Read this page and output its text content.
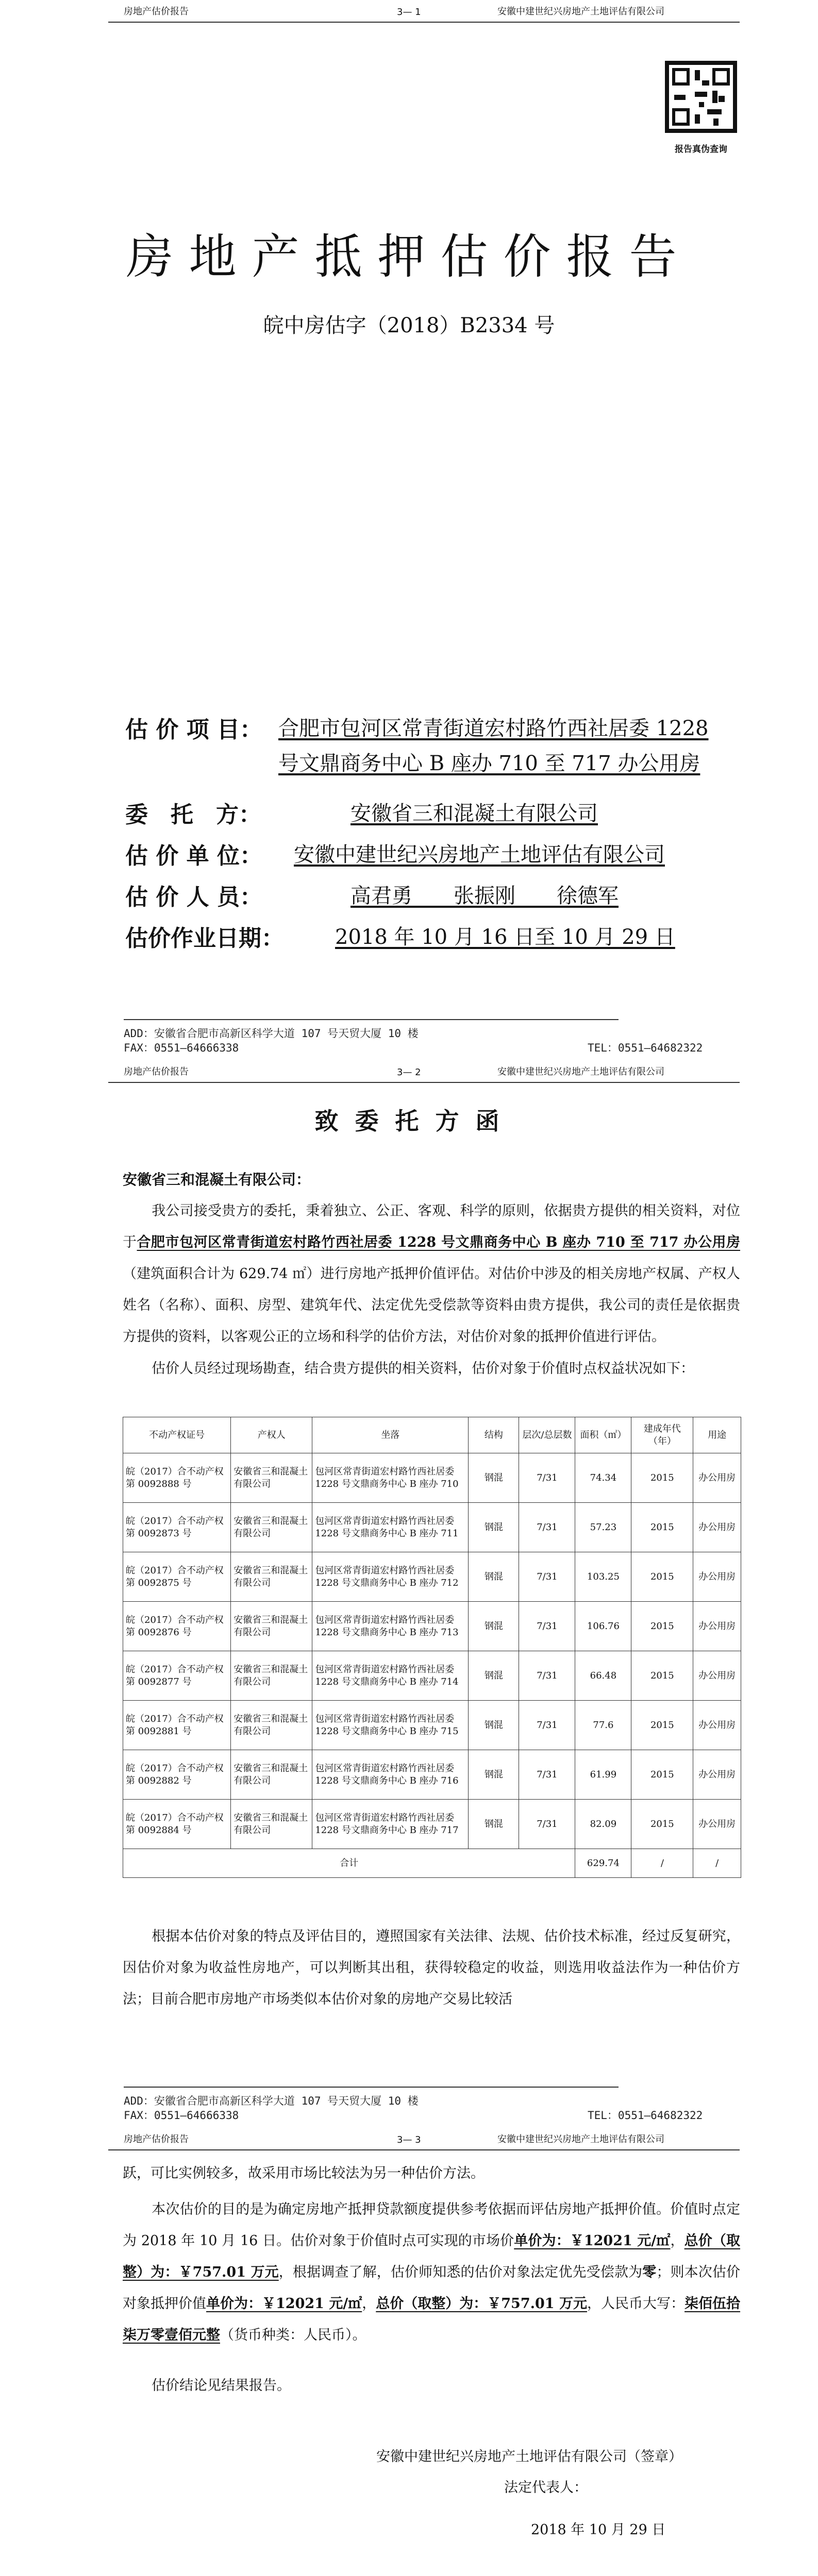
房地产估价报告	3— 1	安徽中建世纪兴房地产土地评估有限公司
报告真伪查询
房地产抵押估价报告
皖中房估字（2018）B2334 号
估 价 项 目： 合肥市包河区常青街道宏村路竹西社居委 1228
号文鼎商务中心 B 座办 710 至 717 办公用房
委　托　方：	安徽省三和混凝土有限公司
估 价 单 位： 安徽中建世纪兴房地产土地评估有限公司
估 价 人 员：	高君勇　　张振刚　　徐德军
估价作业日期： 2018 年 10 月 16 日至 10 月 29 日
ADD：安徽省合肥市高新区科学大道 107 号天贸大厦 10 楼
FAX：0551—64666338	TEL：0551—64682322
房地产估价报告	3— 2	安徽中建世纪兴房地产土地评估有限公司
致 委 托 方 函
安徽省三和混凝土有限公司：
我公司接受贵方的委托，秉着独立、公正、客观、科学的原则，依据贵方提供的相关资料，对位于合肥市包河区常青街道宏村路竹西社居委 1228 号文鼎商务中心 B 座办 710 至 717 办公用房（建筑面积合计为 629.74 ㎡）进行房地产抵押价值评估。对估价中涉及的相关房地产权属、产权人姓名（名称）、面积、房型、建筑年代、法定优先受偿款等资料由贵方提供，我公司的责任是依据贵方提供的资料，以客观公正的立场和科学的估价方法，对估价对象的抵押价值进行评估。
估价人员经过现场勘查，结合贵方提供的相关资料，估价对象于价值时点权益状况如下：
不动产权证号	产权人	坐落	结构	层次/总层数	面积（㎡）	建成年代（年）	用途
皖（2017）合不动产权第 0092888 号	安徽省三和混凝土有限公司	包河区常青街道宏村路竹西社居委 1228 号文鼎商务中心 B 座办 710	钢混	7/31	74.34	2015	办公用房
皖（2017）合不动产权第 0092873 号	安徽省三和混凝土有限公司	包河区常青街道宏村路竹西社居委 1228 号文鼎商务中心 B 座办 711	钢混	7/31	57.23	2015	办公用房
皖（2017）合不动产权第 0092875 号	安徽省三和混凝土有限公司	包河区常青街道宏村路竹西社居委 1228 号文鼎商务中心 B 座办 712	钢混	7/31	103.25	2015	办公用房
皖（2017）合不动产权第 0092876 号	安徽省三和混凝土有限公司	包河区常青街道宏村路竹西社居委 1228 号文鼎商务中心 B 座办 713	钢混	7/31	106.76	2015	办公用房
皖（2017）合不动产权第 0092877 号	安徽省三和混凝土有限公司	包河区常青街道宏村路竹西社居委 1228 号文鼎商务中心 B 座办 714	钢混	7/31	66.48	2015	办公用房
皖（2017）合不动产权第 0092881 号	安徽省三和混凝土有限公司	包河区常青街道宏村路竹西社居委 1228 号文鼎商务中心 B 座办 715	钢混	7/31	77.6	2015	办公用房
皖（2017）合不动产权第 0092882 号	安徽省三和混凝土有限公司	包河区常青街道宏村路竹西社居委 1228 号文鼎商务中心 B 座办 716	钢混	7/31	61.99	2015	办公用房
皖（2017）合不动产权第 0092884 号	安徽省三和混凝土有限公司	包河区常青街道宏村路竹西社居委 1228 号文鼎商务中心 B 座办 717	钢混	7/31	82.09	2015	办公用房
合计					629.74	/	/
根据本估价对象的特点及评估目的，遵照国家有关法律、法规、估价技术标准，经过反复研究，因估价对象为收益性房地产，可以判断其出租，获得较稳定的收益，则选用收益法作为一种估价方法；目前合肥市房地产市场类似本估价对象的房地产交易比较活
ADD：安徽省合肥市高新区科学大道 107 号天贸大厦 10 楼
FAX：0551—64666338	TEL：0551—64682322
房地产估价报告	3— 3	安徽中建世纪兴房地产土地评估有限公司
跃，可比实例较多，故采用市场比较法为另一种估价方法。
本次估价的目的是为确定房地产抵押贷款额度提供参考依据而评估房地产抵押价值。价值时点定为 2018 年 10 月 16 日。估价对象于价值时点可实现的市场价单价为：￥12021 元/㎡，总价（取整）为：￥757.01 万元，根据调查了解，估价师知悉的估价对象法定优先受偿款为零；则本次估价对象抵押价值单价为：￥12021 元/㎡，总价（取整）为：￥757.01 万元，人民币大写：柒佰伍拾柒万零壹佰元整（货币种类：人民币）。
估价结论见结果报告。
安徽中建世纪兴房地产土地评估有限公司（签章）
法定代表人：
2018 年 10 月 29 日
